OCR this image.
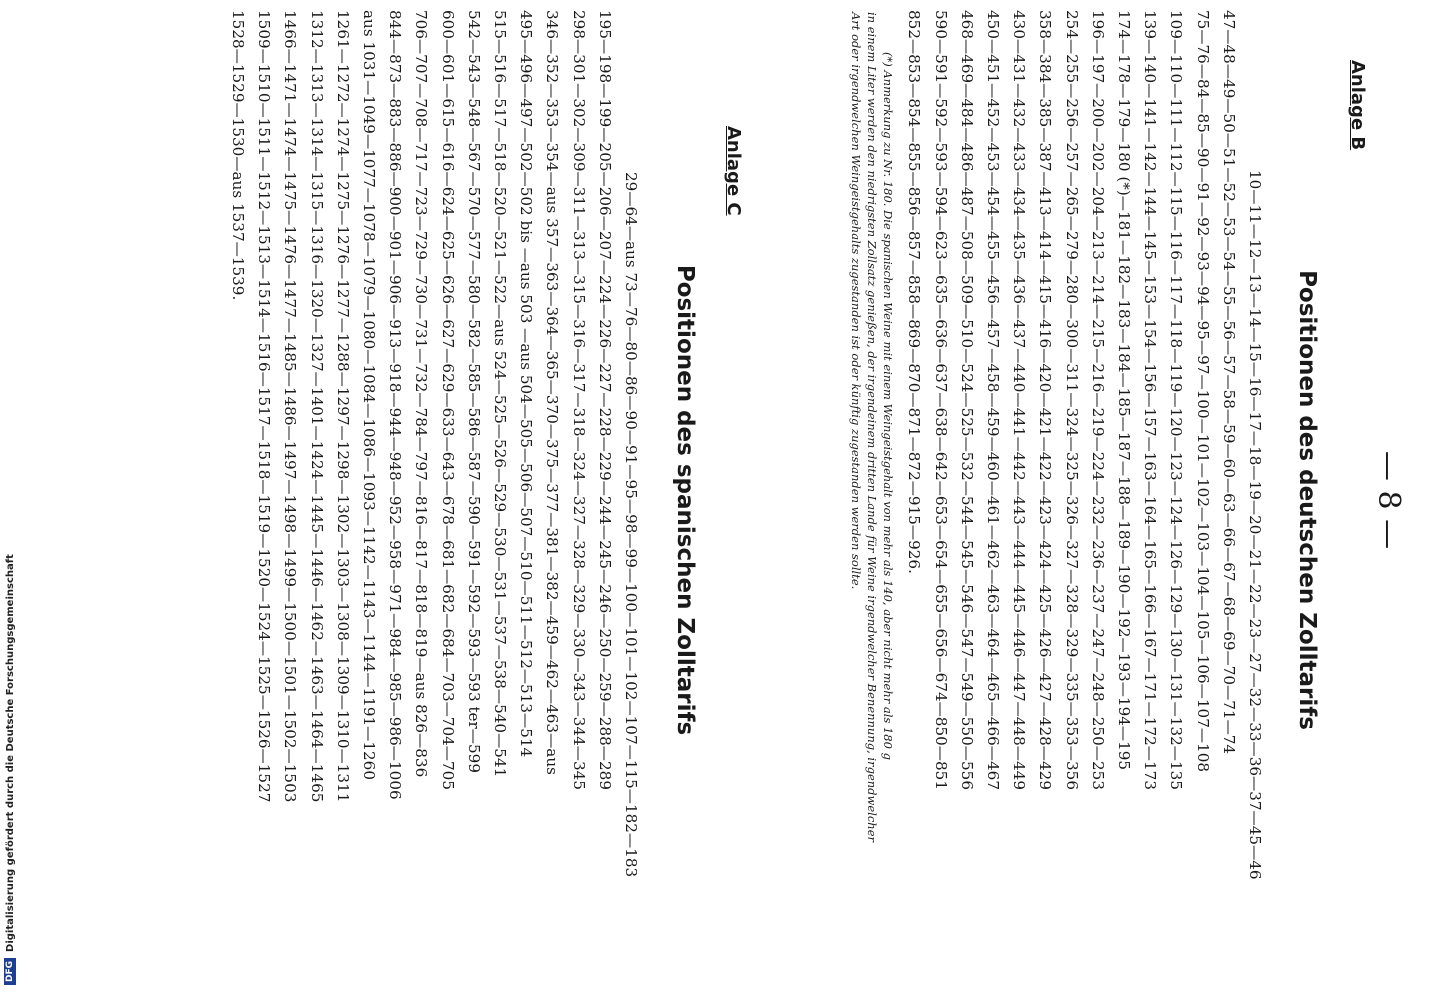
— 8 —
Anlage B
Positionen des deutschen Zolltarifs
10—11—12—13—14—15—16—17—18—19—20—21—22—23—27—32—33—36—37—45—46
47—48—49—50—51—52—53—54—55—56—57—58—59—60—63—66—67—68—69—70—71—74
75—76—84—85—90—91—92—93—94—95—97—100—101—102—103—104—105—106—107—108
109—110—111—112—115—116—117—118—119—120—123—124—126—129—130—131—132—135
139—140—141—142—144—145—153—154—156—157—163—164—165—166—167—171—172—173
174—178—179—180 (*)—181—182—183—184—185—187—188—189—190—192—193—194—195
196—197—200—202—204—213—214—215—216—219—224—232—236—237—247—248—250—253
254—255—256—257—265—279—280—300—311—324—325—326—327—328—329—335—353—356
358—384—385—387—413—414—415—416—420—421—422—423—424—425—426—427—428—429
430—431—432—433—434—435—436—437—440—441—442—443—444—445—446—447—448—449
450—451—452—453—454—455—456—457—458—459—460—461—462—463—464—465—466—467
468—469—484—486—487—508—509—510—524—525—532—544—545—546—547—549—550—556
590—591—592—593—594—623—635—636—637—638—642—653—654—655—656—674—850—851
852—853—854—855—856—857—858—869—870—871—872—915—926.
(*) Anmerkung zu Nr. 180. Die spanischen Weine mit einem Weingeistgehalt von mehr als 140, aber nicht mehr als 180 g
in einem Liter werden den niedrigsten Zollsatz genießen, der irgendeinem dritten Lande für Weine irgendwelcher Benennung, irgendwelcher
Art oder irgendwelchen Weingeistgehalts zugestanden ist oder künftig zugestanden werden sollte.
Anlage C
Positionen des spanischen Zolltarifs
29—64—aus 73—76—80—86—90—91—95—98—99—100—101—102—107—115—182—183
195—198—199—205—206—207—224—226—227—228—229—244—245—246—250—259—288—289
298—301—302—309—311—313—315—316—317—318—324—327—328—329—330—343—344—345
346—352—353—354—aus 357—363—364—365—370—375—377—381—382—459—462—463—aus
495—496—497—502—502 bis —aus 503 —aus 504—505—506—507—510—511—512—513—514
515—516—517—518—520—521—522—aus 524—525—526—529—530—531—537—538—540—541
542—543—548—567—570—577—580—582—585—586—587—590—591—592—593—593 ter—599
600—601—615—616—624—625—626—627—629—633—643—678—681—682—684—703—704—705
706—707—708—717—723—729—730—731—732—784—797—816—817—818—819—aus 826—836
844—873—883—886—900—901—906—913—918—944—948—952—958—971—984—985—986—1006
aus 1031—1049—1077—1078—1079—1080—1084—1086—1093—1142—1143—1144—1191—1260
1261—1272—1274—1275—1276—1277—1288—1297—1298—1302—1303—1308—1309—1310—1311
1312—1313—1314—1315—1316—1320—1327—1401—1424—1445—1446—1462—1463—1464—1465
1466—1471—1474—1475—1476—1477—1485—1486—1497—1498—1499—1500—1501—1502—1503
1509—1510—1511—1512—1513—1514—1516—1517—1518—1519—1520—1524—1525—1526—1527
1528—1529—1530—aus 1537—1539.
DFGDigitalisierung gefördert durch die Deutsche Forschungsgemeinschaft
